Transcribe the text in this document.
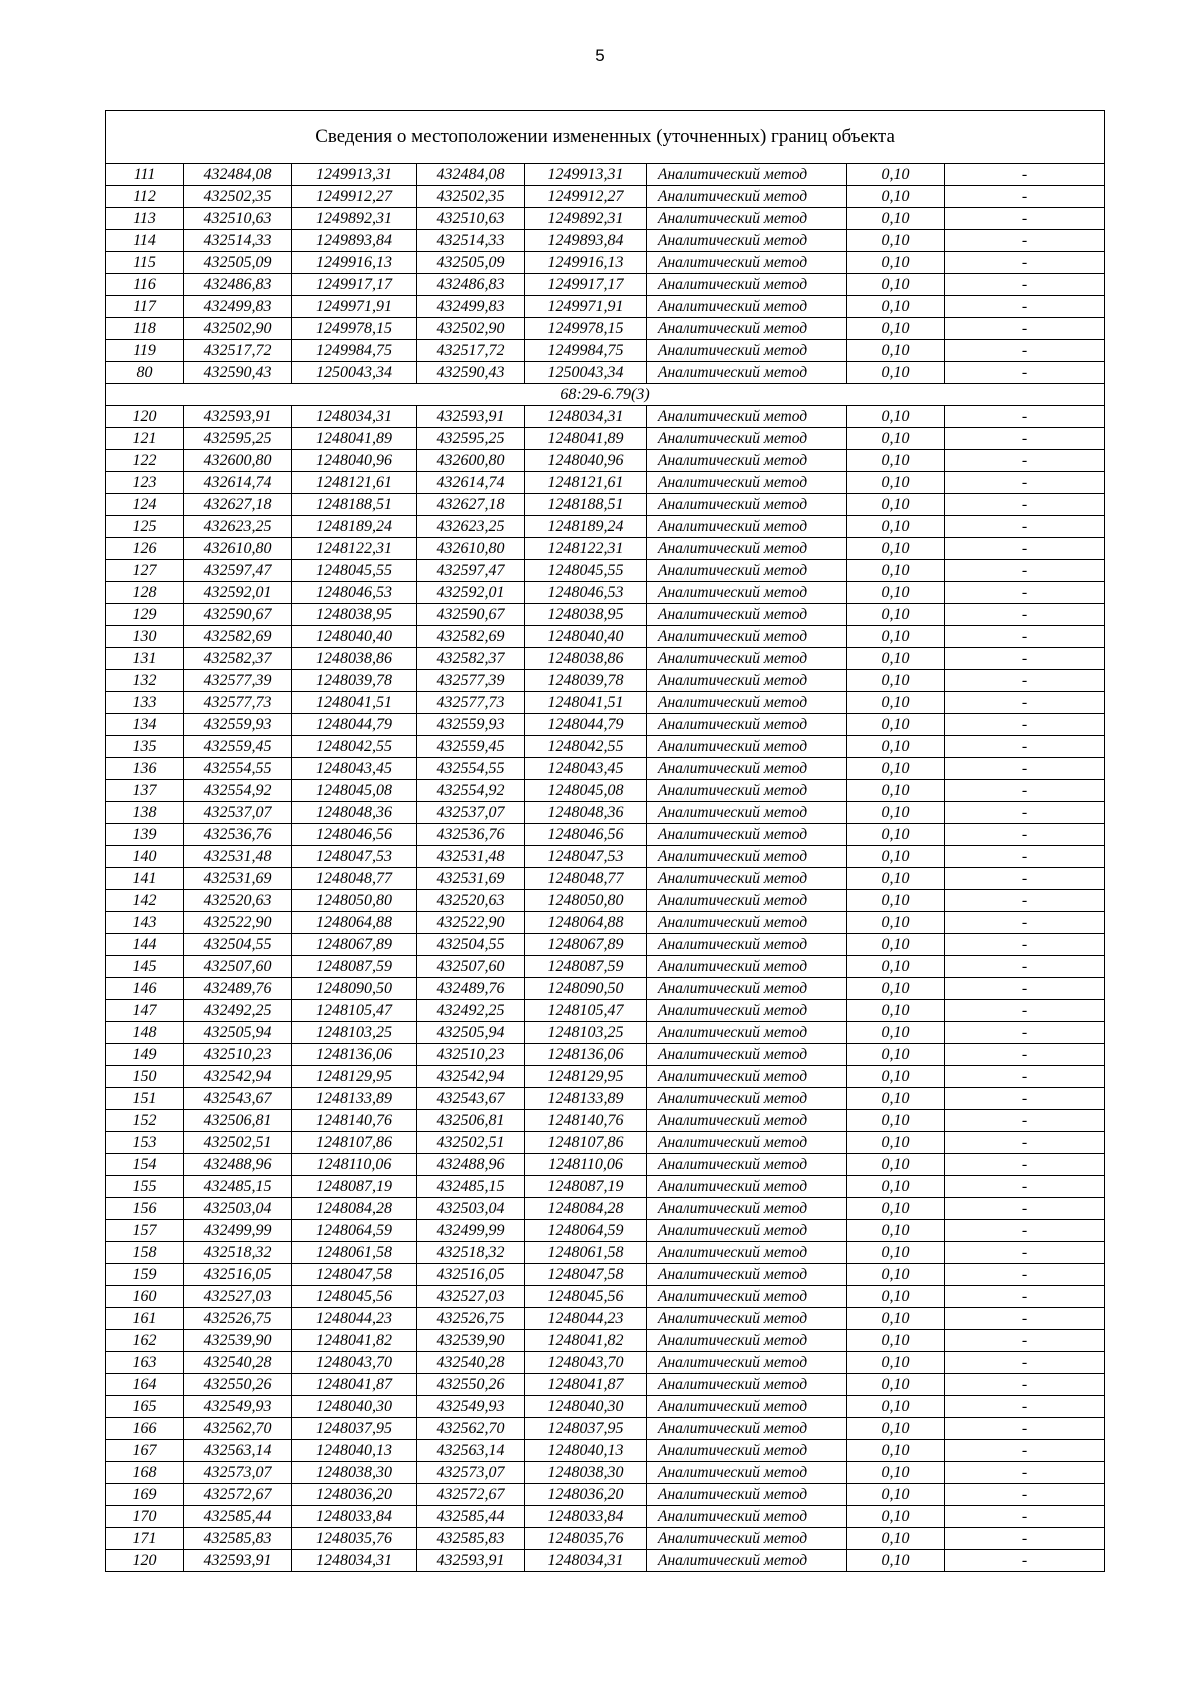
5
Сведения о местоположении измененных (уточненных) границ объекта							
111	432484,08	1249913,31	432484,08	1249913,31	Аналитический метод	0,10	-
112	432502,35	1249912,27	432502,35	1249912,27	Аналитический метод	0,10	-
113	432510,63	1249892,31	432510,63	1249892,31	Аналитический метод	0,10	-
114	432514,33	1249893,84	432514,33	1249893,84	Аналитический метод	0,10	-
115	432505,09	1249916,13	432505,09	1249916,13	Аналитический метод	0,10	-
116	432486,83	1249917,17	432486,83	1249917,17	Аналитический метод	0,10	-
117	432499,83	1249971,91	432499,83	1249971,91	Аналитический метод	0,10	-
118	432502,90	1249978,15	432502,90	1249978,15	Аналитический метод	0,10	-
119	432517,72	1249984,75	432517,72	1249984,75	Аналитический метод	0,10	-
80	432590,43	1250043,34	432590,43	1250043,34	Аналитический метод	0,10	-
68:29-6.79(3)							
120	432593,91	1248034,31	432593,91	1248034,31	Аналитический метод	0,10	-
121	432595,25	1248041,89	432595,25	1248041,89	Аналитический метод	0,10	-
122	432600,80	1248040,96	432600,80	1248040,96	Аналитический метод	0,10	-
123	432614,74	1248121,61	432614,74	1248121,61	Аналитический метод	0,10	-
124	432627,18	1248188,51	432627,18	1248188,51	Аналитический метод	0,10	-
125	432623,25	1248189,24	432623,25	1248189,24	Аналитический метод	0,10	-
126	432610,80	1248122,31	432610,80	1248122,31	Аналитический метод	0,10	-
127	432597,47	1248045,55	432597,47	1248045,55	Аналитический метод	0,10	-
128	432592,01	1248046,53	432592,01	1248046,53	Аналитический метод	0,10	-
129	432590,67	1248038,95	432590,67	1248038,95	Аналитический метод	0,10	-
130	432582,69	1248040,40	432582,69	1248040,40	Аналитический метод	0,10	-
131	432582,37	1248038,86	432582,37	1248038,86	Аналитический метод	0,10	-
132	432577,39	1248039,78	432577,39	1248039,78	Аналитический метод	0,10	-
133	432577,73	1248041,51	432577,73	1248041,51	Аналитический метод	0,10	-
134	432559,93	1248044,79	432559,93	1248044,79	Аналитический метод	0,10	-
135	432559,45	1248042,55	432559,45	1248042,55	Аналитический метод	0,10	-
136	432554,55	1248043,45	432554,55	1248043,45	Аналитический метод	0,10	-
137	432554,92	1248045,08	432554,92	1248045,08	Аналитический метод	0,10	-
138	432537,07	1248048,36	432537,07	1248048,36	Аналитический метод	0,10	-
139	432536,76	1248046,56	432536,76	1248046,56	Аналитический метод	0,10	-
140	432531,48	1248047,53	432531,48	1248047,53	Аналитический метод	0,10	-
141	432531,69	1248048,77	432531,69	1248048,77	Аналитический метод	0,10	-
142	432520,63	1248050,80	432520,63	1248050,80	Аналитический метод	0,10	-
143	432522,90	1248064,88	432522,90	1248064,88	Аналитический метод	0,10	-
144	432504,55	1248067,89	432504,55	1248067,89	Аналитический метод	0,10	-
145	432507,60	1248087,59	432507,60	1248087,59	Аналитический метод	0,10	-
146	432489,76	1248090,50	432489,76	1248090,50	Аналитический метод	0,10	-
147	432492,25	1248105,47	432492,25	1248105,47	Аналитический метод	0,10	-
148	432505,94	1248103,25	432505,94	1248103,25	Аналитический метод	0,10	-
149	432510,23	1248136,06	432510,23	1248136,06	Аналитический метод	0,10	-
150	432542,94	1248129,95	432542,94	1248129,95	Аналитический метод	0,10	-
151	432543,67	1248133,89	432543,67	1248133,89	Аналитический метод	0,10	-
152	432506,81	1248140,76	432506,81	1248140,76	Аналитический метод	0,10	-
153	432502,51	1248107,86	432502,51	1248107,86	Аналитический метод	0,10	-
154	432488,96	1248110,06	432488,96	1248110,06	Аналитический метод	0,10	-
155	432485,15	1248087,19	432485,15	1248087,19	Аналитический метод	0,10	-
156	432503,04	1248084,28	432503,04	1248084,28	Аналитический метод	0,10	-
157	432499,99	1248064,59	432499,99	1248064,59	Аналитический метод	0,10	-
158	432518,32	1248061,58	432518,32	1248061,58	Аналитический метод	0,10	-
159	432516,05	1248047,58	432516,05	1248047,58	Аналитический метод	0,10	-
160	432527,03	1248045,56	432527,03	1248045,56	Аналитический метод	0,10	-
161	432526,75	1248044,23	432526,75	1248044,23	Аналитический метод	0,10	-
162	432539,90	1248041,82	432539,90	1248041,82	Аналитический метод	0,10	-
163	432540,28	1248043,70	432540,28	1248043,70	Аналитический метод	0,10	-
164	432550,26	1248041,87	432550,26	1248041,87	Аналитический метод	0,10	-
165	432549,93	1248040,30	432549,93	1248040,30	Аналитический метод	0,10	-
166	432562,70	1248037,95	432562,70	1248037,95	Аналитический метод	0,10	-
167	432563,14	1248040,13	432563,14	1248040,13	Аналитический метод	0,10	-
168	432573,07	1248038,30	432573,07	1248038,30	Аналитический метод	0,10	-
169	432572,67	1248036,20	432572,67	1248036,20	Аналитический метод	0,10	-
170	432585,44	1248033,84	432585,44	1248033,84	Аналитический метод	0,10	-
171	432585,83	1248035,76	432585,83	1248035,76	Аналитический метод	0,10	-
120	432593,91	1248034,31	432593,91	1248034,31	Аналитический метод	0,10	-
